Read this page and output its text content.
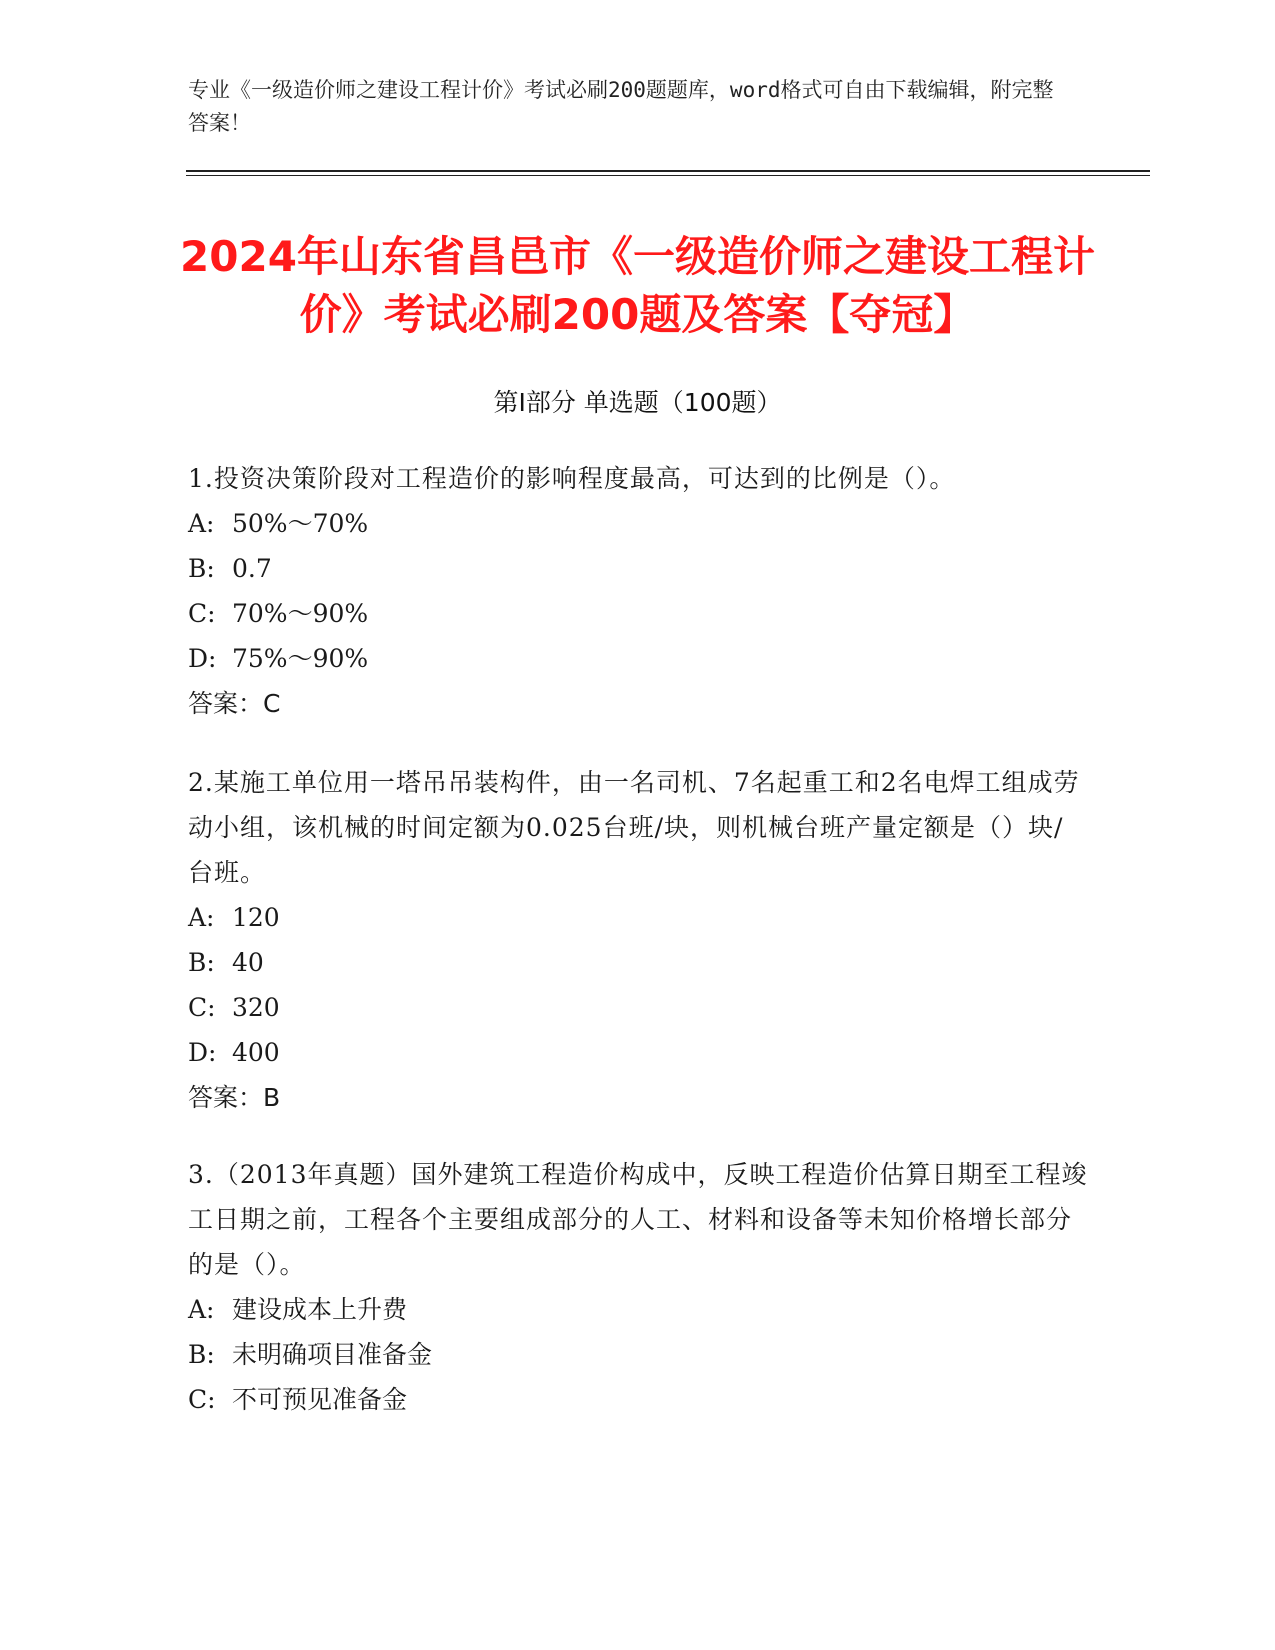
专业《一级造价师之建设工程计价》考试必刷200题题库，word格式可自由下载编辑，附完整答案！
2024年山东省昌邑市《一级造价师之建设工程计价》考试必刷200题及答案【夺冠】
第I部分 单选题（100题）
1.投资决策阶段对工程造价的影响程度最高，可达到的比例是（）。
A: 50%～70%
B: 0.7
C: 70%～90%
D: 75%～90%
答案：C
2.某施工单位用一塔吊吊装构件，由一名司机、7名起重工和2名电焊工组成劳动小组，该机械的时间定额为0.025台班/块，则机械台班产量定额是（）块/台班。
A: 120
B: 40
C: 320
D: 400
答案：B
3.（2013年真题）国外建筑工程造价构成中，反映工程造价估算日期至工程竣工日期之前，工程各个主要组成部分的人工、材料和设备等未知价格增长部分的是（）。
A: 建设成本上升费
B: 未明确项目准备金
C: 不可预见准备金
